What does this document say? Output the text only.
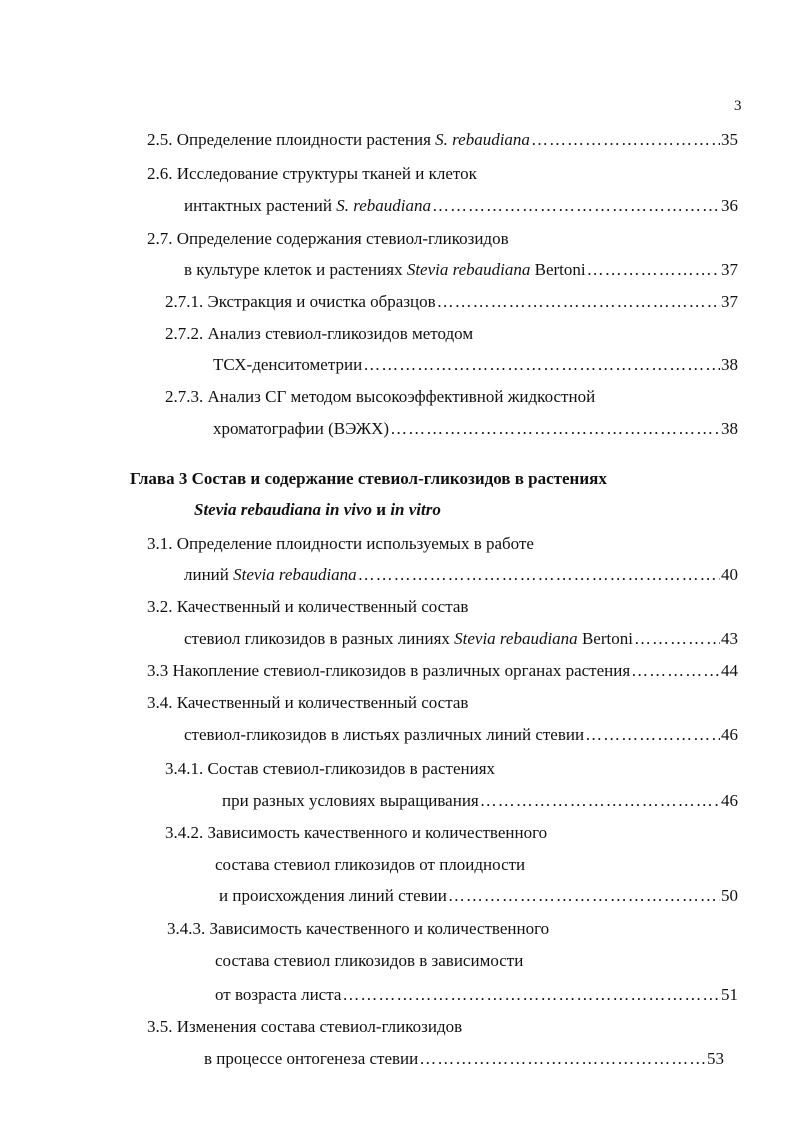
3
2.5. Определение плоидности растения S. rebaudiana ……………………………………………………………………………………………………………………………………………………………………………………………………	35
2.6. Исследование структуры тканей и клеток
интактных растений S. rebaudiana ……………………………………………………………………………………………………………………………………………………………………………………………………	36
2.7. Определение содержания стевиол-гликозидов
в культуре клеток и растениях Stevia rebaudiana Bertoni ……………………………………………………………………………………………………………………………………………………………………………………………………	37
2.7.1. Экстракция и очистка образцов ……………………………………………………………………………………………………………………………………………………………………………………………………	37
2.7.2. Анализ стевиол-гликозидов методом
ТСХ-денситометрии ……………………………………………………………………………………………………………………………………………………………………………………………………	38
2.7.3. Анализ СГ методом высокоэффективной жидкостной
хроматографии (ВЭЖХ) ……………………………………………………………………………………………………………………………………………………………………………………………………	38
Глава 3 Состав и содержание стевиол-гликозидов в растениях
Stevia rebaudiana in vivo и in vitro
3.1. Определение плоидности используемых в работе
линий Stevia rebaudiana ……………………………………………………………………………………………………………………………………………………………………………………………………	40
3.2. Качественный и количественный состав
стевиол гликозидов в разных линиях Stevia rebaudiana Bertoni ……………………………………………………………………………………………………………………………………………………………………………………………………	43
3.3 Накопление стевиол-гликозидов в различных органах растения ……………………………………………………………………………………………………………………………………………………………………………………………………	44
3.4. Качественный и количественный состав
стевиол-гликозидов в листьях различных линий стевии ……………………………………………………………………………………………………………………………………………………………………………………………………	46
3.4.1. Состав стевиол-гликозидов в растениях
при разных условиях выращивания ……………………………………………………………………………………………………………………………………………………………………………………………………	46
3.4.2. Зависимость качественного и количественного
состава стевиол гликозидов от плоидности
и происхождения линий стевии ……………………………………………………………………………………………………………………………………………………………………………………………………	50
3.4.3. Зависимость качественного и количественного
состава стевиол гликозидов в зависимости
от возраста листа ……………………………………………………………………………………………………………………………………………………………………………………………………	51
3.5. Изменения состава стевиол-гликозидов
в процессе онтогенеза стевии ……………………………………………………………………………………………………………………………………………………………………………………………………	53
